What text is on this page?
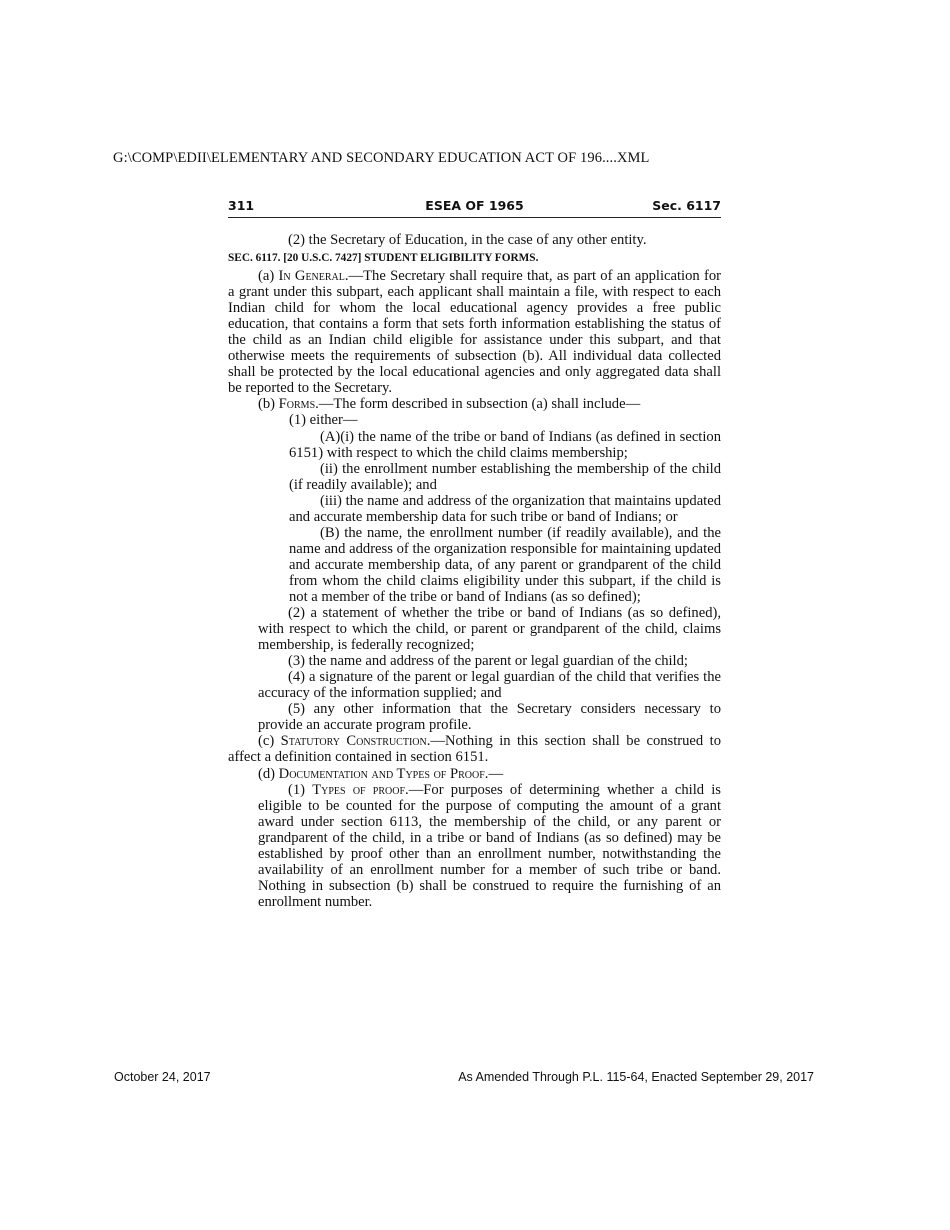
G:\COMP\EDII\ELEMENTARY AND SECONDARY EDUCATION ACT OF 196....XML
311	ESEA OF 1965	Sec. 6117

(2) the Secretary of Education, in the case of any other entity.

SEC. 6117. [20 U.S.C. 7427] STUDENT ELIGIBILITY FORMS.

(a) In General.—The Secretary shall require that, as part of an application for a grant under this subpart, each applicant shall maintain a file, with respect to each Indian child for whom the local educational agency provides a free public education, that contains a form that sets forth information establishing the status of the child as an Indian child eligible for assistance under this subpart, and that otherwise meets the requirements of subsection (b). All individual data collected shall be protected by the local educational agencies and only aggregated data shall be reported to the Secretary.

(b) Forms.—The form described in subsection (a) shall include—

(1) either—

(A)(i) the name of the tribe or band of Indians (as defined in section 6151) with respect to which the child claims membership;

(ii) the enrollment number establishing the membership of the child (if readily available); and

(iii) the name and address of the organization that maintains updated and accurate membership data for such tribe or band of Indians; or

(B) the name, the enrollment number (if readily available), and the name and address of the organization responsible for maintaining updated and accurate membership data, of any parent or grandparent of the child from whom the child claims eligibility under this subpart, if the child is not a member of the tribe or band of Indians (as so defined);

(2) a statement of whether the tribe or band of Indians (as so defined), with respect to which the child, or parent or grandparent of the child, claims membership, is federally recognized;

(3) the name and address of the parent or legal guardian of the child;

(4) a signature of the parent or legal guardian of the child that verifies the accuracy of the information supplied; and

(5) any other information that the Secretary considers necessary to provide an accurate program profile.

(c) Statutory Construction.—Nothing in this section shall be construed to affect a definition contained in section 6151.

(d) Documentation and Types of Proof.—

(1) Types of proof.—For purposes of determining whether a child is eligible to be counted for the purpose of computing the amount of a grant award under section 6113, the membership of the child, or any parent or grandparent of the child, in a tribe or band of Indians (as so defined) may be established by proof other than an enrollment number, notwithstanding the availability of an enrollment number for a member of such tribe or band. Nothing in subsection (b) shall be construed to require the furnishing of an enrollment number.

October 24, 2017	As Amended Through P.L. 115-64, Enacted September 29, 2017
